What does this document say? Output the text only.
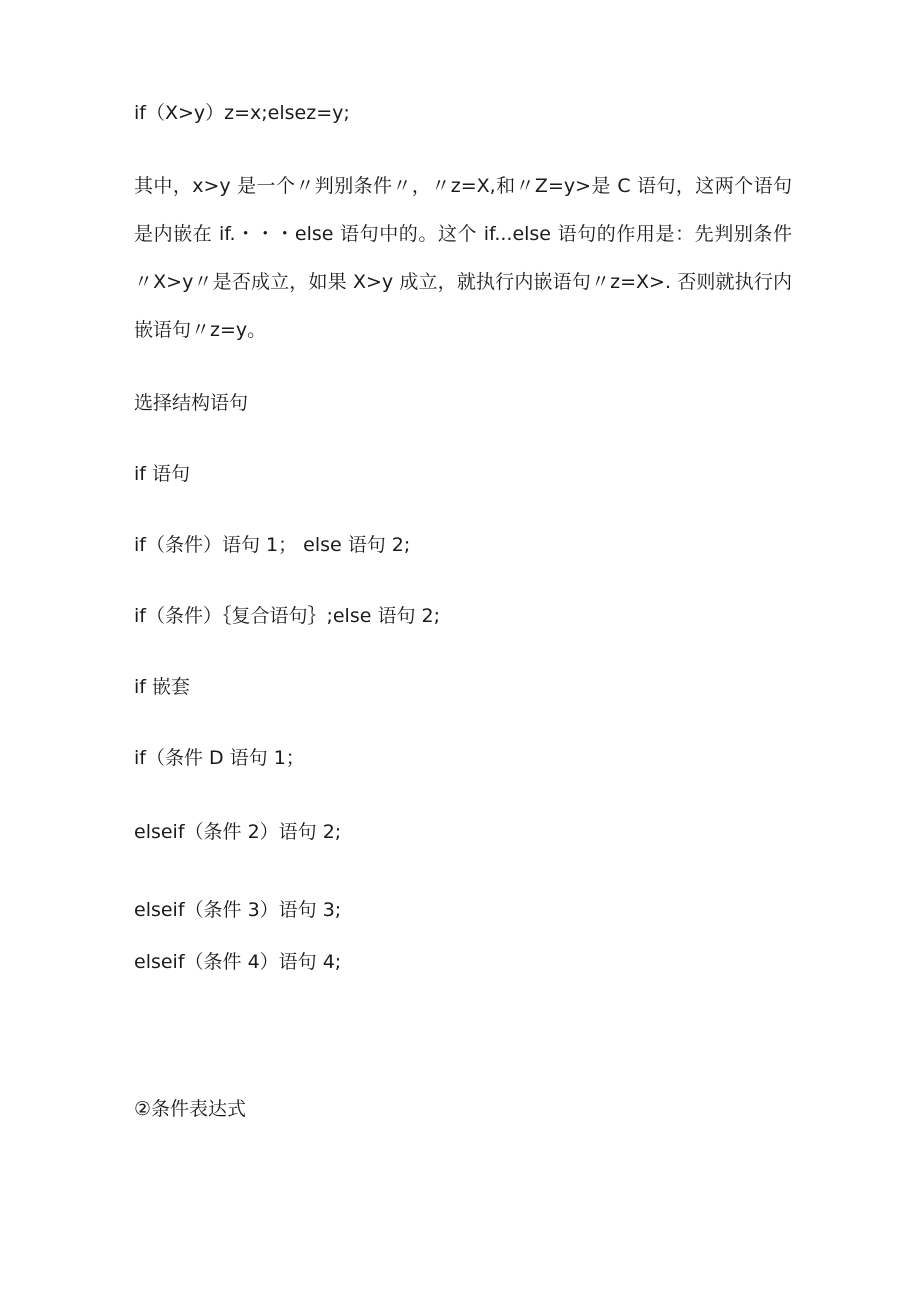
if（X>y）z=x;elsez=y;
其中，x>y 是一个〃判别条件〃，〃z=X,和〃Z=y>是 C 语句，这两个语句是内嵌在 if.・・・else 语句中的。这个 if...else 语句的作用是：先判别条件〃X>y〃是否成立，如果 X>y 成立，就执行内嵌语句〃z=X>. 否则就执行内嵌语句〃z=y。
选择结构语句
if 语句
if（条件）语句 1； else 语句 2;
if（条件）｛复合语句｝;else 语句 2;
if 嵌套
if（条件 D 语句 1；
elseif（条件 2）语句 2;
elseif（条件 3）语句 3;
elseif（条件 4）语句 4;
②条件表达式
